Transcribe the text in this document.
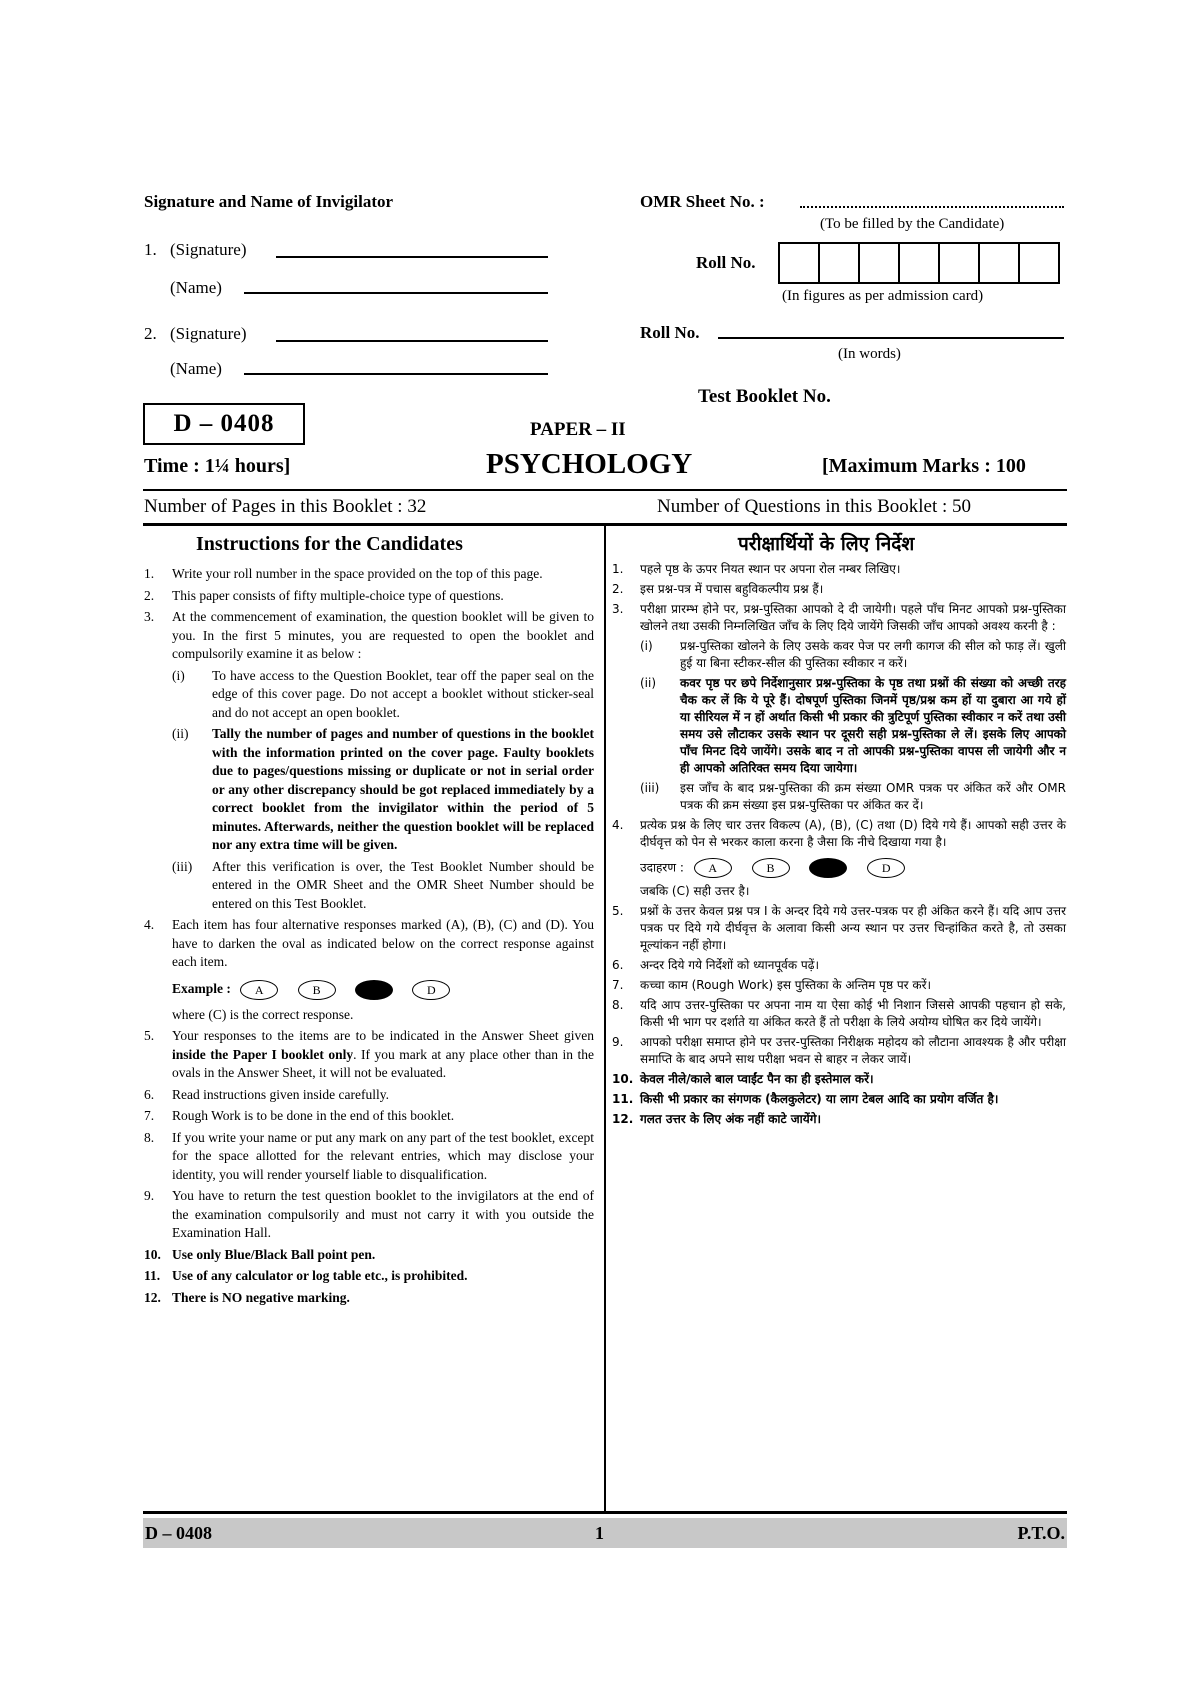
Signature and Name of Invigilator
1. (Signature)
(Name)
2. (Signature)
(Name)
OMR Sheet No. :
(To be filled by the Candidate)
Roll No.
(In figures as per admission card)
Roll No.
(In words)
Test Booklet No.
D – 0408	PAPER – II
PSYCHOLOGY
Time : 1¼ hours]	[Maximum Marks : 100
Number of Pages in this Booklet : 32	Number of Questions in this Booklet : 50
Instructions for the Candidates
1. Write your roll number in the space provided on the top of this page.
2. This paper consists of fifty multiple-choice type of questions.
3. At the commencement of examination, the question booklet will be given to you. In the first 5 minutes, you are requested to open the booklet and compulsorily examine it as below :
(i) To have access to the Question Booklet, tear off the paper seal on the edge of this cover page. Do not accept a booklet without sticker-seal and do not accept an open booklet.
(ii) Tally the number of pages and number of questions in the booklet with the information printed on the cover page. Faulty booklets due to pages/questions missing or duplicate or not in serial order or any other discrepancy should be got replaced immediately by a correct booklet from the invigilator within the period of 5 minutes. Afterwards, neither the question booklet will be replaced nor any extra time will be given.
(iii) After this verification is over, the Test Booklet Number should be entered in the OMR Sheet and the OMR Sheet Number should be entered on this Test Booklet.
4. Each item has four alternative responses marked (A), (B), (C) and (D). You have to darken the oval as indicated below on the correct response against each item.
Example : A	B	D
where (C) is the correct response.
5. Your responses to the items are to be indicated in the Answer Sheet given inside the Paper I booklet only. If you mark at any place other than in the ovals in the Answer Sheet, it will not be evaluated.
6. Read instructions given inside carefully.
7. Rough Work is to be done in the end of this booklet.
8. If you write your name or put any mark on any part of the test booklet, except for the space allotted for the relevant entries, which may disclose your identity, you will render yourself liable to disqualification.
9. You have to return the test question booklet to the invigilators at the end of the examination compulsorily and must not carry it with you outside the Examination Hall.
10. Use only Blue/Black Ball point pen.
11. Use of any calculator or log table etc., is prohibited.
12. There is NO negative marking.
परीक्षार्थियों के लिए निर्देश
1. पहले पृष्ठ के ऊपर नियत स्थान पर अपना रोल नम्बर लिखिए।
2. इस प्रश्न-पत्र में पचास बहुविकल्पीय प्रश्न हैं।
3. परीक्षा प्रारम्भ होने पर, प्रश्न-पुस्तिका आपको दे दी जायेगी। पहले पाँच मिनट आपको प्रश्न-पुस्तिका खोलने तथा उसकी निम्नलिखित जाँच के लिए दिये जायेंगे जिसकी जाँच आपको अवश्य करनी है :
(i) प्रश्न-पुस्तिका खोलने के लिए उसके कवर पेज पर लगी कागज की सील को फाड़ लें। खुली हुई या बिना स्टीकर-सील की पुस्तिका स्वीकार न करें।
(ii) कवर पृष्ठ पर छपे निर्देशानुसार प्रश्न-पुस्तिका के पृष्ठ तथा प्रश्नों की संख्या को अच्छी तरह चैक कर लें कि ये पूरे हैं। दोषपूर्ण पुस्तिका जिनमें पृष्ठ/प्रश्न कम हों या दुबारा आ गये हों या सीरियल में न हों अर्थात किसी भी प्रकार की त्रुटिपूर्ण पुस्तिका स्वीकार न करें तथा उसी समय उसे लौटाकर उसके स्थान पर दूसरी सही प्रश्न-पुस्तिका ले लें। इसके लिए आपको पाँच मिनट दिये जायेंगे। उसके बाद न तो आपकी प्रश्न-पुस्तिका वापस ली जायेगी और न ही आपको अतिरिक्त समय दिया जायेगा।
(iii) इस जाँच के बाद प्रश्न-पुस्तिका की क्रम संख्या OMR पत्रक पर अंकित करें और OMR पत्रक की क्रम संख्या इस प्रश्न-पुस्तिका पर अंकित कर दें।
4. प्रत्येक प्रश्न के लिए चार उत्तर विकल्प (A), (B), (C) तथा (D) दिये गये हैं। आपको सही उत्तर के दीर्घवृत्त को पेन से भरकर काला करना है जैसा कि नीचे दिखाया गया है।
उदाहरण : A	B	D
जबकि (C) सही उत्तर है।
5. प्रश्नों के उत्तर केवल प्रश्न पत्र I के अन्दर दिये गये उत्तर-पत्रक पर ही अंकित करने हैं। यदि आप उत्तर पत्रक पर दिये गये दीर्घवृत्त के अलावा किसी अन्य स्थान पर उत्तर चिन्हांकित करते है, तो उसका मूल्यांकन नहीं होगा।
6. अन्दर दिये गये निर्देशों को ध्यानपूर्वक पढ़ें।
7. कच्चा काम (Rough Work) इस पुस्तिका के अन्तिम पृष्ठ पर करें।
8. यदि आप उत्तर-पुस्तिका पर अपना नाम या ऐसा कोई भी निशान जिससे आपकी पहचान हो सके, किसी भी भाग पर दर्शाते या अंकित करते हैं तो परीक्षा के लिये अयोग्य घोषित कर दिये जायेंगे।
9. आपको परीक्षा समाप्त होने पर उत्तर-पुस्तिका निरीक्षक महोदय को लौटाना आवश्यक है और परीक्षा समाप्ति के बाद अपने साथ परीक्षा भवन से बाहर न लेकर जायें।
10. केवल नीले/काले बाल प्वाईंट पैन का ही इस्तेमाल करें।
11. किसी भी प्रकार का संगणक (कैलकुलेटर) या लाग टेबल आदि का प्रयोग वर्जित है।
12. गलत उत्तर के लिए अंक नहीं काटे जायेंगे।
D – 0408	1	P.T.O.
